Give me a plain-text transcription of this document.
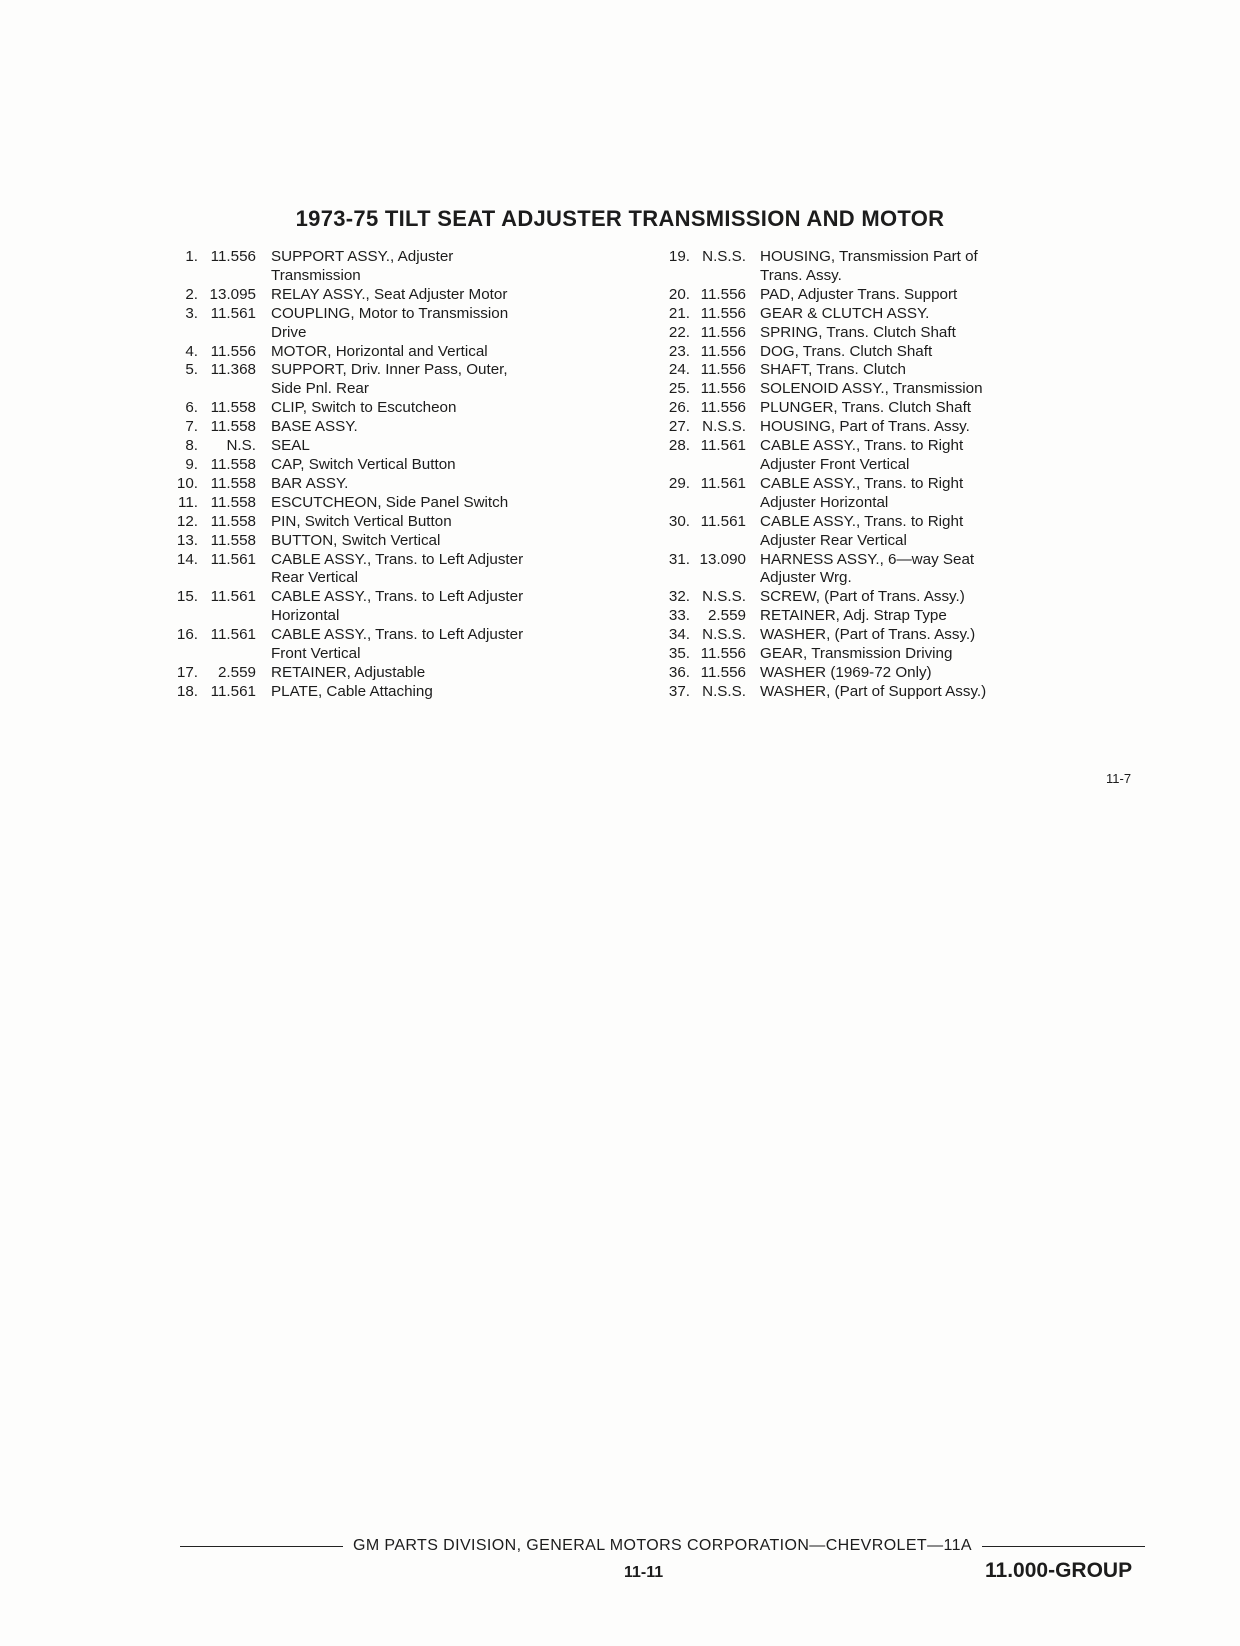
1973-75 TILT SEAT ADJUSTER TRANSMISSION AND MOTOR
1. 11.556 SUPPORT ASSY., Adjuster
Transmission
2. 13.095 RELAY ASSY., Seat Adjuster Motor
3. 11.561 COUPLING, Motor to Transmission
Drive
4. 11.556 MOTOR, Horizontal and Vertical
5. 11.368 SUPPORT, Driv. Inner Pass, Outer,
Side Pnl. Rear
6. 11.558 CLIP, Switch to Escutcheon
7. 11.558 BASE ASSY.
8.	N.S. SEAL
9. 11.558 CAP, Switch Vertical Button
10. 11.558 BAR ASSY.
11. 11.558 ESCUTCHEON, Side Panel Switch
12. 11.558 PIN, Switch Vertical Button
13. 11.558 BUTTON, Switch Vertical
14. 11.561 CABLE ASSY., Trans. to Left Adjuster
Rear Vertical
15. 11.561 CABLE ASSY., Trans. to Left Adjuster
Horizontal
16. 11.561 CABLE ASSY., Trans. to Left Adjuster
Front Vertical
17.	2.559 RETAINER, Adjustable
18. 11.561 PLATE, Cable Attaching
19. N.S.S. HOUSING, Transmission Part of
Trans. Assy.
20. 11.556 PAD, Adjuster Trans. Support
21. 11.556 GEAR & CLUTCH ASSY.
22. 11.556 SPRING, Trans. Clutch Shaft
23. 11.556 DOG, Trans. Clutch Shaft
24. 11.556 SHAFT, Trans. Clutch
25. 11.556 SOLENOID ASSY., Transmission
26. 11.556 PLUNGER, Trans. Clutch Shaft
27. N.S.S. HOUSING, Part of Trans. Assy.
28. 11.561 CABLE ASSY., Trans. to Right
Adjuster Front Vertical
29. 11.561 CABLE ASSY., Trans. to Right
Adjuster Horizontal
30. 11.561 CABLE ASSY., Trans. to Right
Adjuster Rear Vertical
31. 13.090 HARNESS ASSY., 6—way Seat
Adjuster Wrg.
32. N.S.S. SCREW, (Part of Trans. Assy.)
33.	2.559 RETAINER, Adj. Strap Type
34. N.S.S. WASHER, (Part of Trans. Assy.)
35. 11.556 GEAR, Transmission Driving
36. 11.556 WASHER (1969-72 Only)
37. N.S.S. WASHER, (Part of Support Assy.)
11-7
GM PARTS DIVISION, GENERAL MOTORS CORPORATION—CHEVROLET—11A
11-11	11.000-GROUP
